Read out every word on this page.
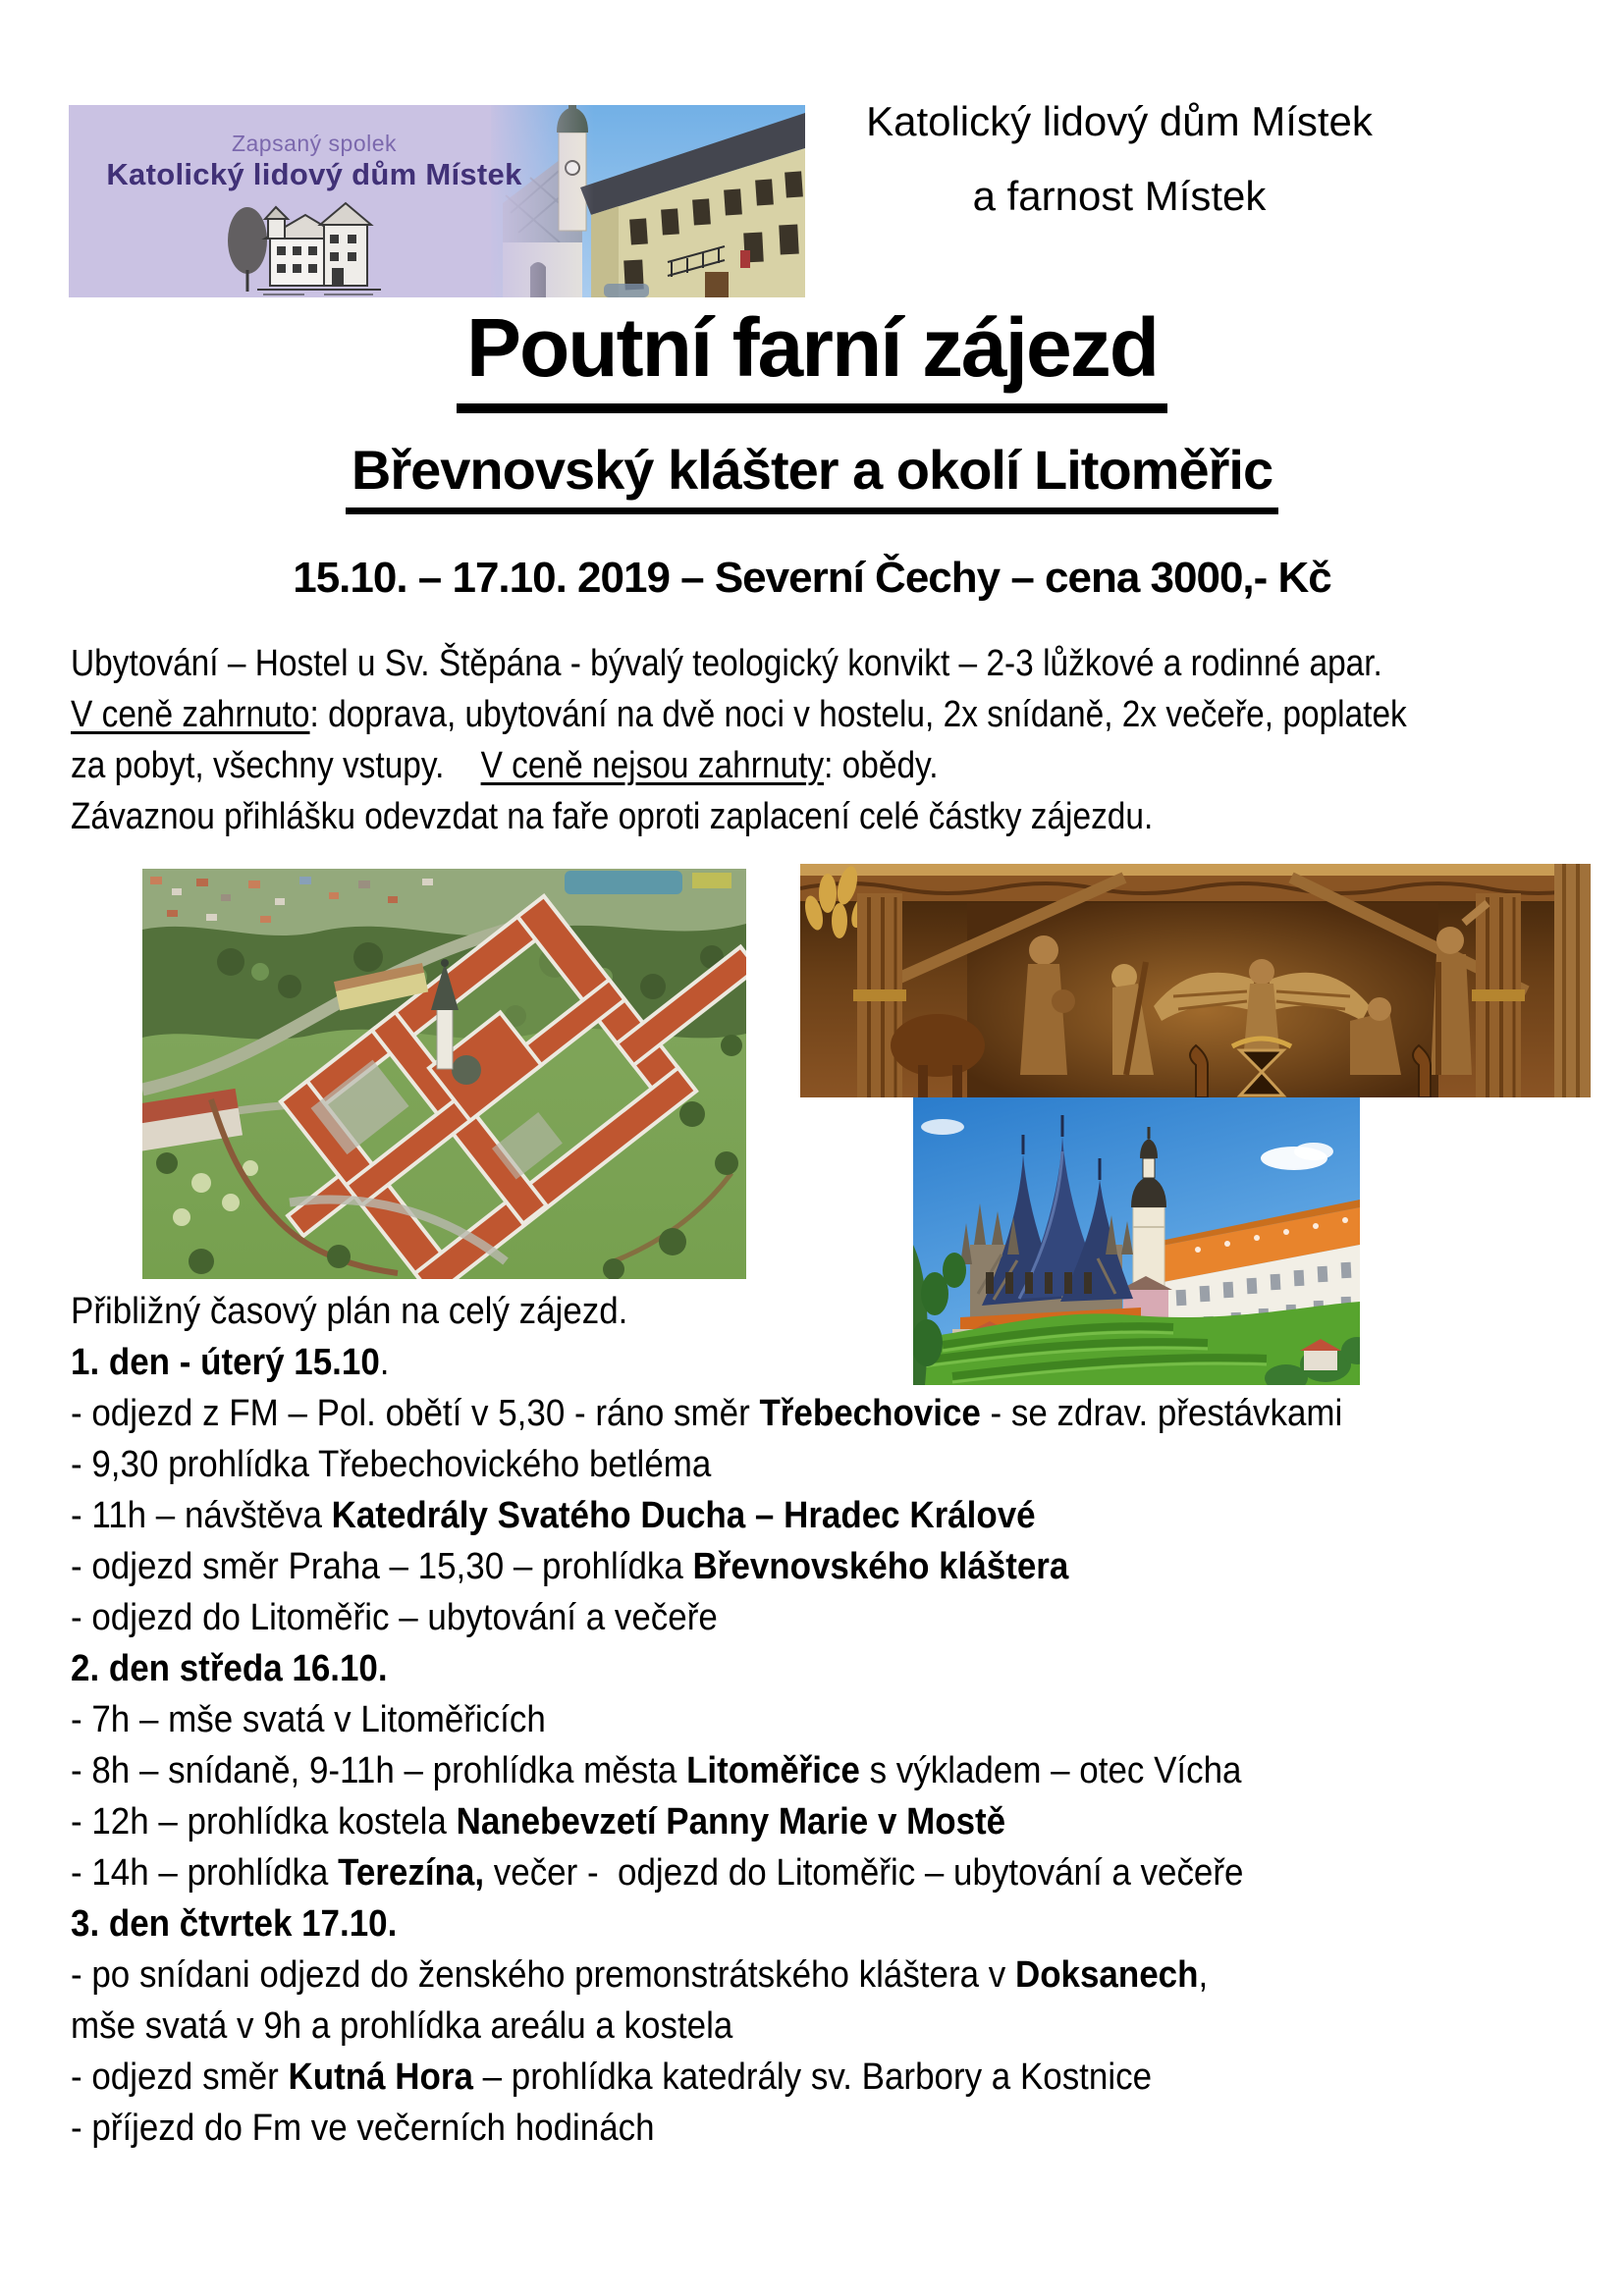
Zapsaný spolek
Katolický lidový dům Místek
Katolický lidový dům Místek
a farnost Místek
Poutní farní zájezd
Břevnovský klášter a okolí Litoměřic
15.10. – 17.10. 2019 – Severní Čechy – cena 3000,- Kč
Ubytování – Hostel u Sv. Štěpána - bývalý teologický konvikt – 2-3 lůžkové a rodinné apar.
V ceně zahrnuto: doprava, ubytování na dvě noci v hostelu, 2x snídaně, 2x večeře, poplatek
za pobyt, všechny vstupy.    V ceně nejsou zahrnuty: obědy.
Závaznou přihlášku odevzdat na faře oproti zaplacení celé částky zájezdu.
Přibližný časový plán na celý zájezd.
1. den - úterý 15.10.
- odjezd z FM – Pol. obětí v 5,30 - ráno směr Třebechovice - se zdrav. přestávkami
- 9,30 prohlídka Třebechovického betléma
- 11h – návštěva Katedrály Svatého Ducha – Hradec Králové
- odjezd směr Praha – 15,30 – prohlídka Břevnovského kláštera
- odjezd do Litoměřic – ubytování a večeře
2. den středa 16.10.
- 7h – mše svatá v Litoměřicích
- 8h – snídaně, 9-11h – prohlídka města Litoměřice s výkladem – otec Vícha
- 12h – prohlídka kostela Nanebevzetí Panny Marie v Mostě
- 14h – prohlídka Terezína, večer -  odjezd do Litoměřic – ubytování a večeře
3. den čtvrtek 17.10.
- po snídani odjezd do ženského premonstrátského kláštera v Doksanech,
mše svatá v 9h a prohlídka areálu a kostela
- odjezd směr Kutná Hora – prohlídka katedrály sv. Barbory a Kostnice
- příjezd do Fm ve večerních hodinách
